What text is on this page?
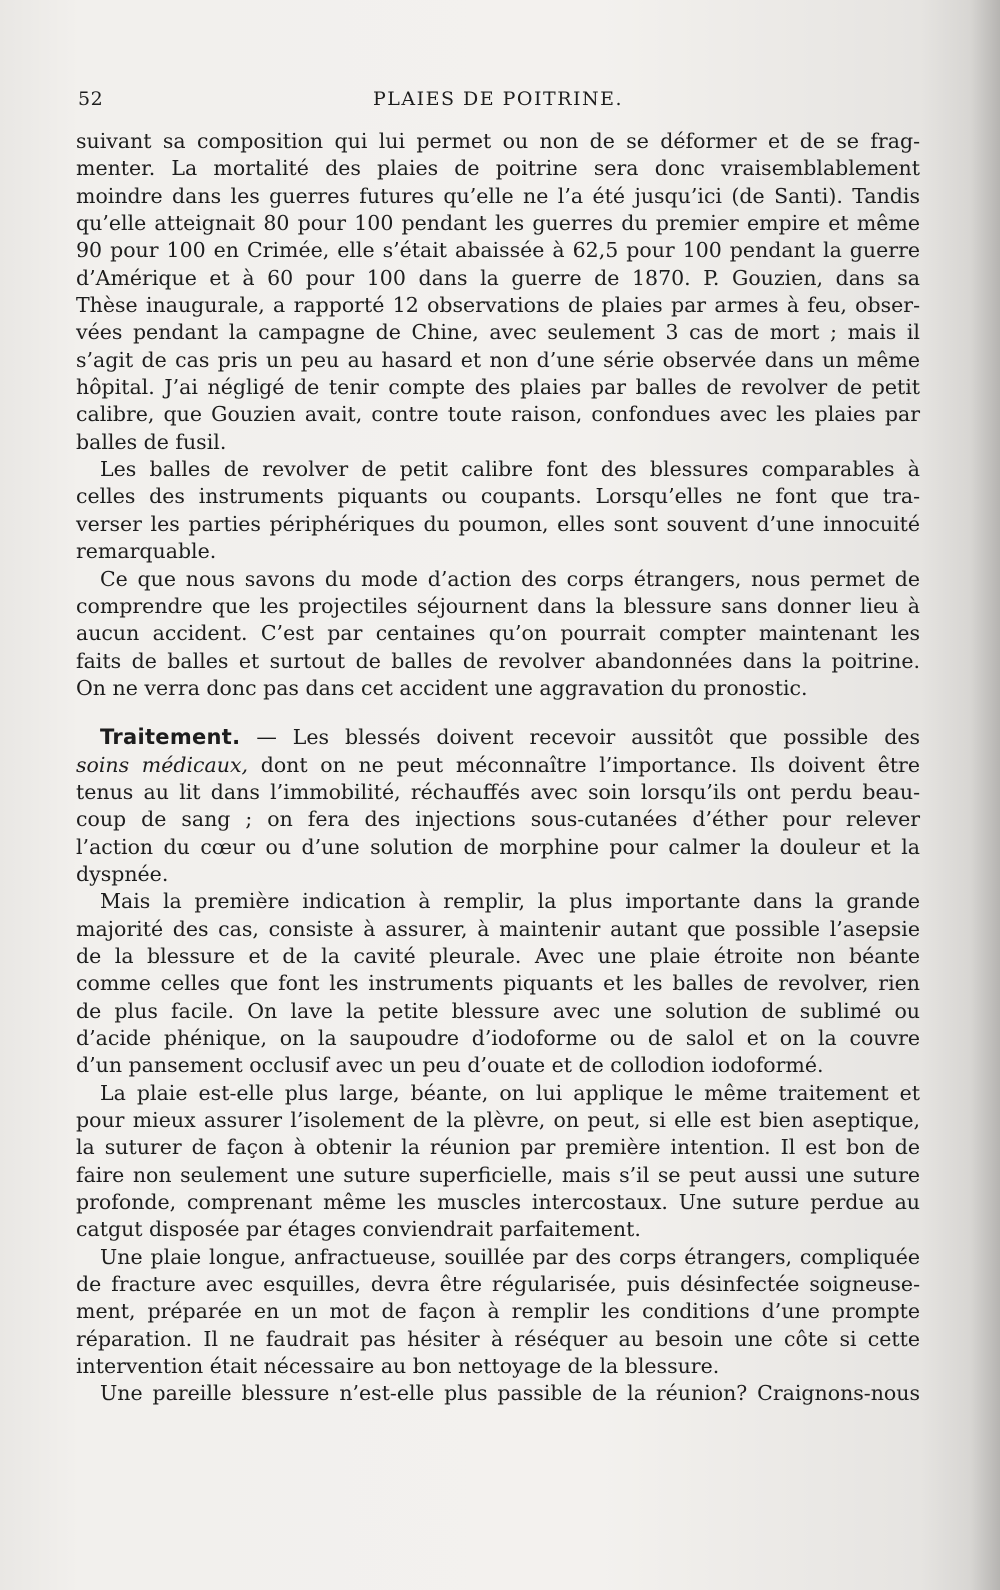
52	PLAIES DE POITRINE.
suivant sa composition qui lui permet ou non de se déformer et de se frag-
menter. La mortalité des plaies de poitrine sera donc vraisemblablement
moindre dans les guerres futures qu’elle ne l’a été jusqu’ici (de Santi). Tandis
qu’elle atteignait 80 pour 100 pendant les guerres du premier empire et même
90 pour 100 en Crimée, elle s’était abaissée à 62,5 pour 100 pendant la guerre
d’Amérique et à 60 pour 100 dans la guerre de 1870. P. Gouzien, dans sa
Thèse inaugurale, a rapporté 12 observations de plaies par armes à feu, obser-
vées pendant la campagne de Chine, avec seulement 3 cas de mort ; mais il
s’agit de cas pris un peu au hasard et non d’une série observée dans un même
hôpital. J’ai négligé de tenir compte des plaies par balles de revolver de petit
calibre, que Gouzien avait, contre toute raison, confondues avec les plaies par
balles de fusil.
Les balles de revolver de petit calibre font des blessures comparables à
celles des instruments piquants ou coupants. Lorsqu’elles ne font que tra-
verser les parties périphériques du poumon, elles sont souvent d’une innocuité
remarquable.
Ce que nous savons du mode d’action des corps étrangers, nous permet de
comprendre que les projectiles séjournent dans la blessure sans donner lieu à
aucun accident. C’est par centaines qu’on pourrait compter maintenant les
faits de balles et surtout de balles de revolver abandonnées dans la poitrine.
On ne verra donc pas dans cet accident une aggravation du pronostic.
Traitement. — Les blessés doivent recevoir aussitôt que possible des
soins médicaux, dont on ne peut méconnaître l’importance. Ils doivent être
tenus au lit dans l’immobilité, réchauffés avec soin lorsqu’ils ont perdu beau-
coup de sang ; on fera des injections sous-cutanées d’éther pour relever
l’action du cœur ou d’une solution de morphine pour calmer la douleur et la
dyspnée.
Mais la première indication à remplir, la plus importante dans la grande
majorité des cas, consiste à assurer, à maintenir autant que possible l’asepsie
de la blessure et de la cavité pleurale. Avec une plaie étroite non béante
comme celles que font les instruments piquants et les balles de revolver, rien
de plus facile. On lave la petite blessure avec une solution de sublimé ou
d’acide phénique, on la saupoudre d’iodoforme ou de salol et on la couvre
d’un pansement occlusif avec un peu d’ouate et de collodion iodoformé.
La plaie est-elle plus large, béante, on lui applique le même traitement et
pour mieux assurer l’isolement de la plèvre, on peut, si elle est bien aseptique,
la suturer de façon à obtenir la réunion par première intention. Il est bon de
faire non seulement une suture superficielle, mais s’il se peut aussi une suture
profonde, comprenant même les muscles intercostaux. Une suture perdue au
catgut disposée par étages conviendrait parfaitement.
Une plaie longue, anfractueuse, souillée par des corps étrangers, compliquée
de fracture avec esquilles, devra être régularisée, puis désinfectée soigneuse-
ment, préparée en un mot de façon à remplir les conditions d’une prompte
réparation. Il ne faudrait pas hésiter à réséquer au besoin une côte si cette
intervention était nécessaire au bon nettoyage de la blessure.
Une pareille blessure n’est-elle plus passible de la réunion? Craignons-nous
